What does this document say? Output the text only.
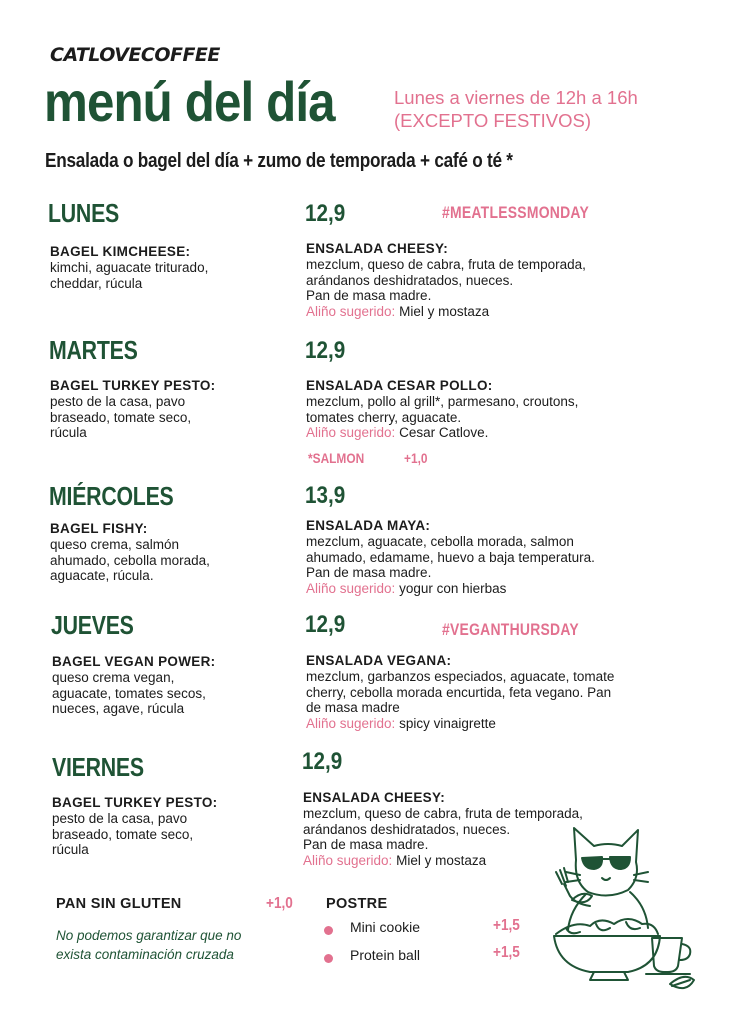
CATLOVECOFFEE
menú del día	Lunes a viernes de 12h a 16h
(EXCEPTO FESTIVOS)
Ensalada o bagel del día + zumo de temporada + café o té *
LUNES	12,9	#MEATLESSMONDAY
BAGEL KIMCHEESE:

kimchi, aguacate triturado,

cheddar, rúcula

ENSALADA CHEESY:

mezclum, queso de cabra, fruta de temporada,

arándanos deshidratados, nueces.

Pan de masa madre.

Aliño sugerido: Miel y mostaza

MARTES	12,9
BAGEL TURKEY PESTO:

pesto de la casa, pavo

braseado, tomate seco,

rúcula

ENSALADA CESAR POLLO:

mezclum, pollo al grill*, parmesano, croutons,

tomates cherry, aguacate.

Aliño sugerido: Cesar Catlove.

*SALMON	+1,0
MIÉRCOLES	13,9
BAGEL FISHY:

queso crema, salmón

ahumado, cebolla morada,

aguacate, rúcula.

ENSALADA MAYA:

mezclum, aguacate, cebolla morada, salmon

ahumado, edamame, huevo a baja temperatura.

Pan de masa madre.

Aliño sugerido: yogur con hierbas

JUEVES	12,9	#VEGANTHURSDAY
BAGEL VEGAN POWER:

queso crema vegan,

aguacate, tomates secos,

nueces, agave, rúcula

ENSALADA VEGANA:

mezclum, garbanzos especiados, aguacate, tomate

cherry, cebolla morada encurtida, feta vegano. Pan

de masa madre

Aliño sugerido: spicy vinaigrette

VIERNES	12,9
BAGEL TURKEY PESTO:

pesto de la casa, pavo

braseado, tomate seco,

rúcula

ENSALADA CHEESY:

mezclum, queso de cabra, fruta de temporada,

arándanos deshidratados, nueces.

Pan de masa madre.

Aliño sugerido: Miel y mostaza

PAN SIN GLUTEN	+1,0
No podemos garantizar que no
exista contaminación cruzada
POSTRE
Mini cookie	+1,5
Protein ball	+1,5
